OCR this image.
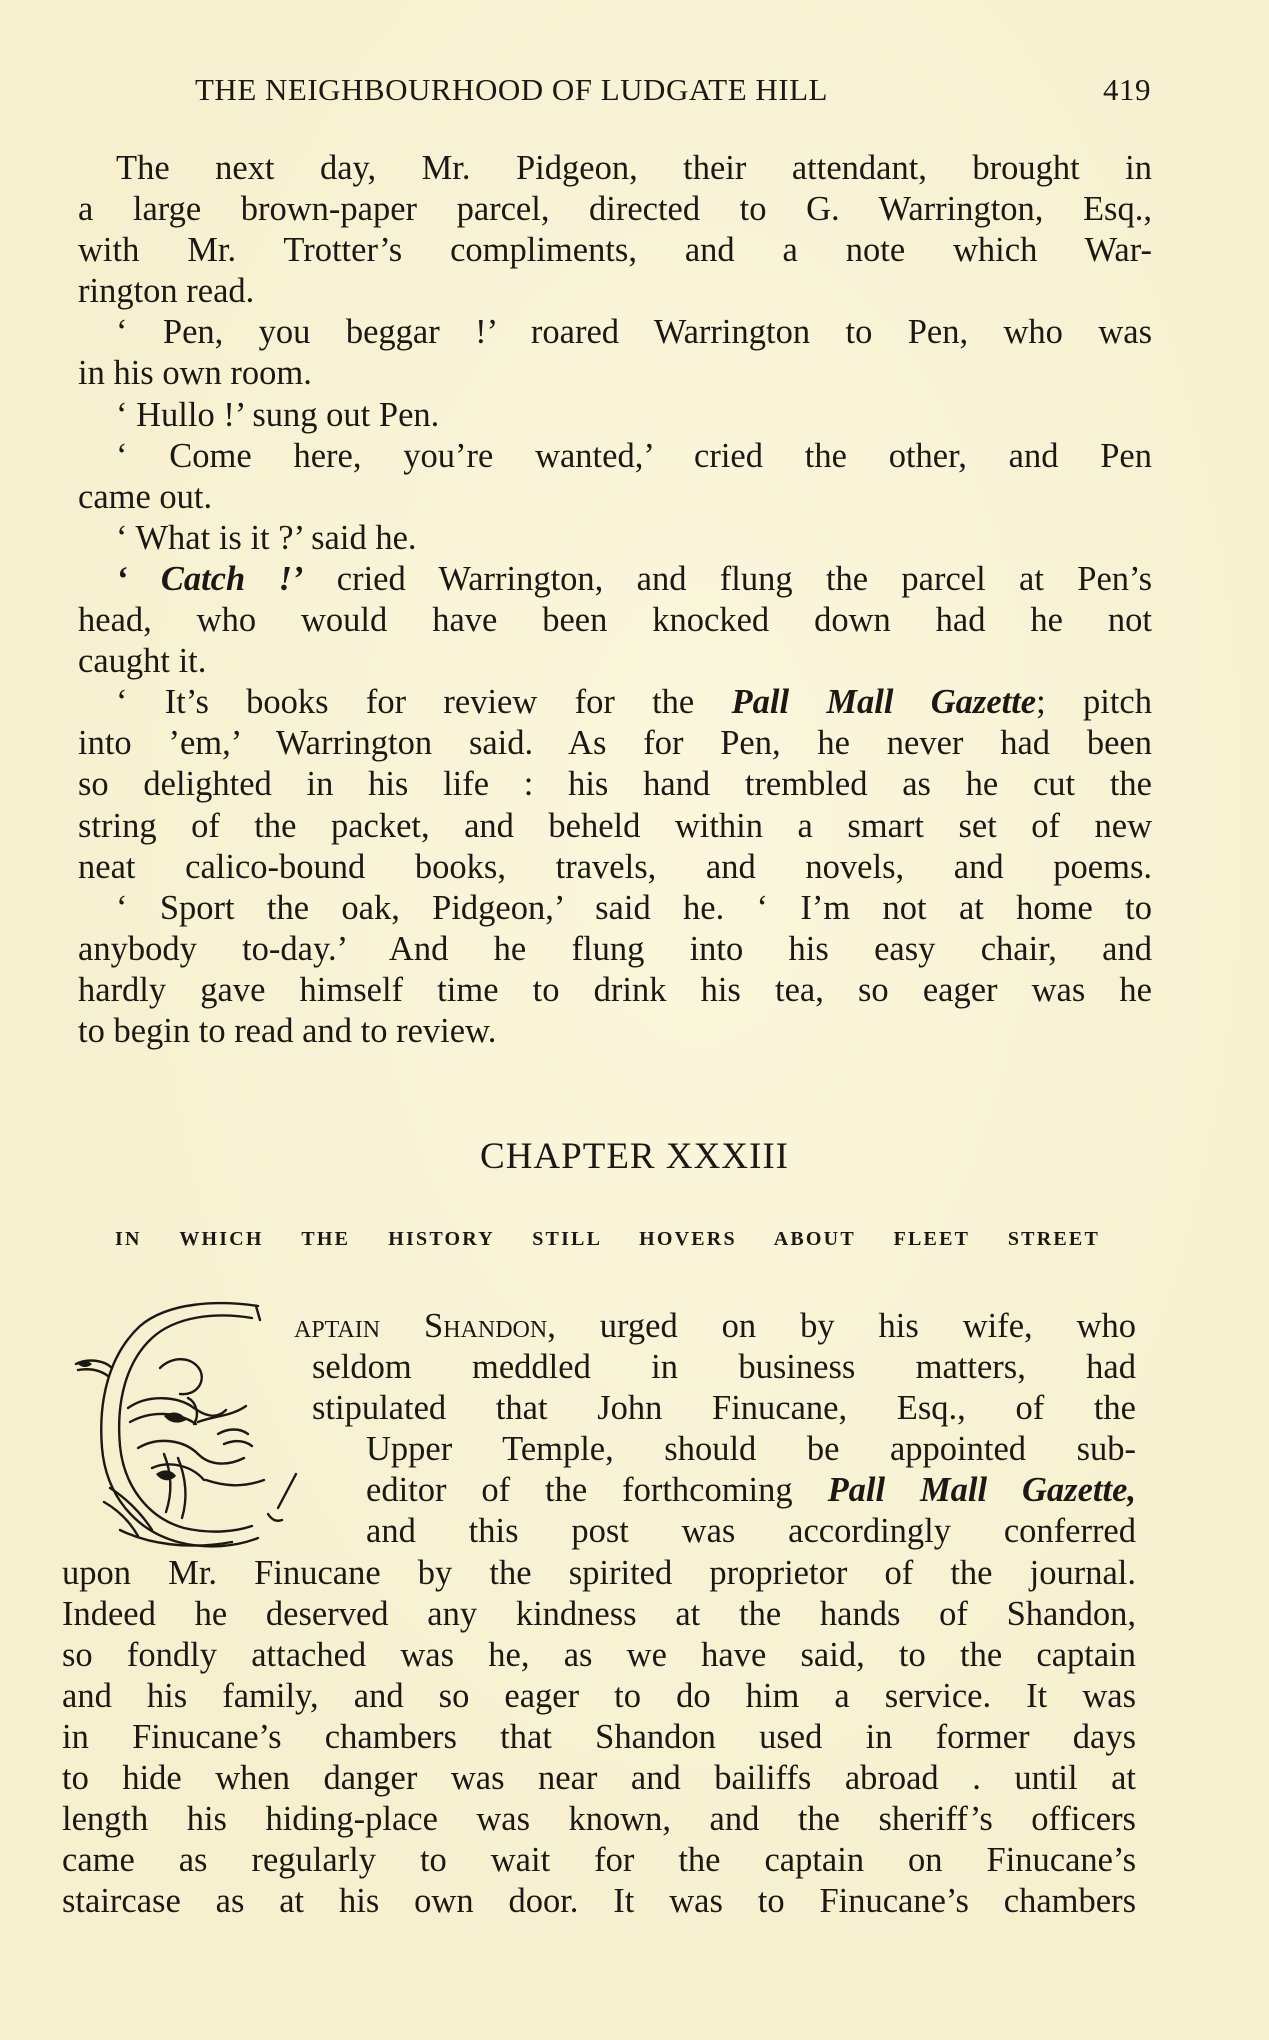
THE NEIGHBOURHOOD OF LUDGATE HILL	419
The next day, Mr. Pidgeon, their attendant, brought in
a large brown-paper parcel, directed to G. Warrington, Esq.,
with Mr. Trotter’s compliments, and a note which War-
rington read.
‘ Pen, you beggar !’ roared Warrington to Pen, who was
in his own room.
‘ Hullo !’ sung out Pen.
‘ Come here, you’re wanted,’ cried the other, and Pen
came out.
‘ What is it ?’ said he.
‘ Catch !’ cried Warrington, and flung the parcel at Pen’s
head, who would have been knocked down had he not
caught it.
‘ It’s books for review for the Pall Mall Gazette; pitch
into ’em,’ Warrington said. As for Pen, he never had been
so delighted in his life : his hand trembled as he cut the
string of the packet, and beheld within a smart set of new
neat calico-bound books, travels, and novels, and poems.
‘ Sport the oak, Pidgeon,’ said he. ‘ I’m not at home to
anybody to-day.’ And he flung into his easy chair, and
hardly gave himself time to drink his tea, so eager was he
to begin to read and to review.
CHAPTER XXXIII
IN WHICH THE HISTORY STILL HOVERS ABOUT FLEET STREET
aptain Shandon, urged on by his wife, who
seldom meddled in business matters, had
stipulated that John Finucane, Esq., of the
Upper Temple, should be appointed sub-
editor of the forthcoming Pall Mall Gazette,
and this post was accordingly conferred
upon Mr. Finucane by the spirited proprietor of the journal.
Indeed he deserved any kindness at the hands of Shandon,
so fondly attached was he, as we have said, to the captain
and his family, and so eager to do him a service. It was
in Finucane’s chambers that Shandon used in former days
to hide when danger was near and bailiffs abroad . until at
length his hiding-place was known, and the sheriff’s officers
came as regularly to wait for the captain on Finucane’s
staircase as at his own door. It was to Finucane’s chambers
